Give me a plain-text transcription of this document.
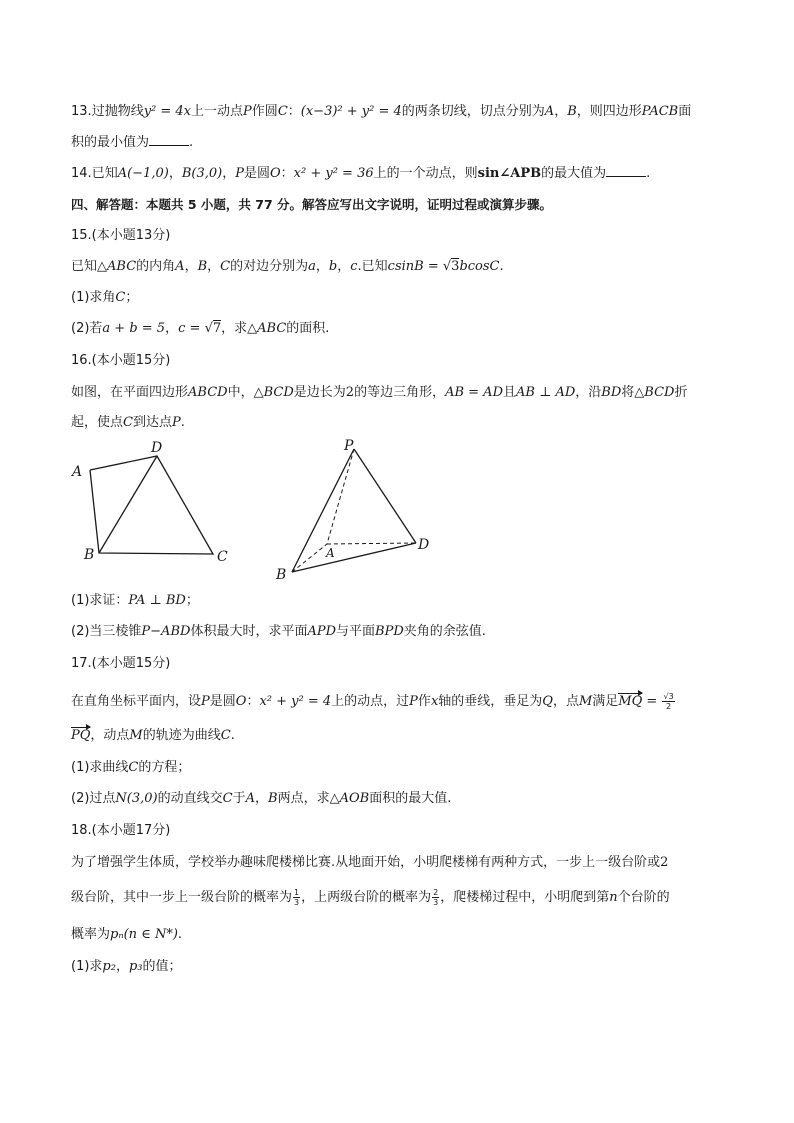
13.过抛物线y² = 4x上一动点P作圆C：(x−3)² + y² = 4的两条切线，切点分别为A，B，则四边形PACB面
积的最小值为	.
14.已知A(−1,0)，B(3,0)，P是圆O：x² + y² = 36上的一个动点，则sin∠APB的最大值为	.
四、解答题：本题共 5 小题，共 77 分。解答应写出文字说明，证明过程或演算步骤。
15.(本小题13分)
已知△ABC的内角A，B，C的对边分别为a，b，c.已知csinB = √3bcosC.
(1)求角C；
(2)若a + b = 5，c = √7，求△ABC的面积.
16.(本小题15分)
如图，在平面四边形ABCD中，△BCD是边长为2的等边三角形，AB = AD且AB ⊥ AD，沿BD将△BCD折
起，使点C到达点P.
A
D
B	C
P
A
B
D
(1)求证：PA ⊥ BD；
(2)当三棱锥P−ABD体积最大时，求平面APD与平面BPD夹角的余弦值.
17.(本小题15分)
在直角坐标平面内，设P是圆O：x² + y² = 4上的动点，过P作x轴的垂线，垂足为Q，点M满足MQ = $\frac{√3}{2}$
PQ，动点M的轨迹为曲线C.
(1)求曲线C的方程；
(2)过点N(3,0)的动直线交C于A，B两点，求△AOB面积的最大值.
18.(本小题17分)
为了增强学生体质，学校举办趣味爬楼梯比赛.从地面开始，小明爬楼梯有两种方式，一步上一级台阶或2
级台阶，其中一步上一级台阶的概率为 $\frac{1}{3}$ ，上两级台阶的概率为 $\frac{2}{3}$ ，爬楼梯过程中，小明爬到第n个台阶的
概率为pₙ(n ∈ N*).
(1)求p₂，p₃的值；
